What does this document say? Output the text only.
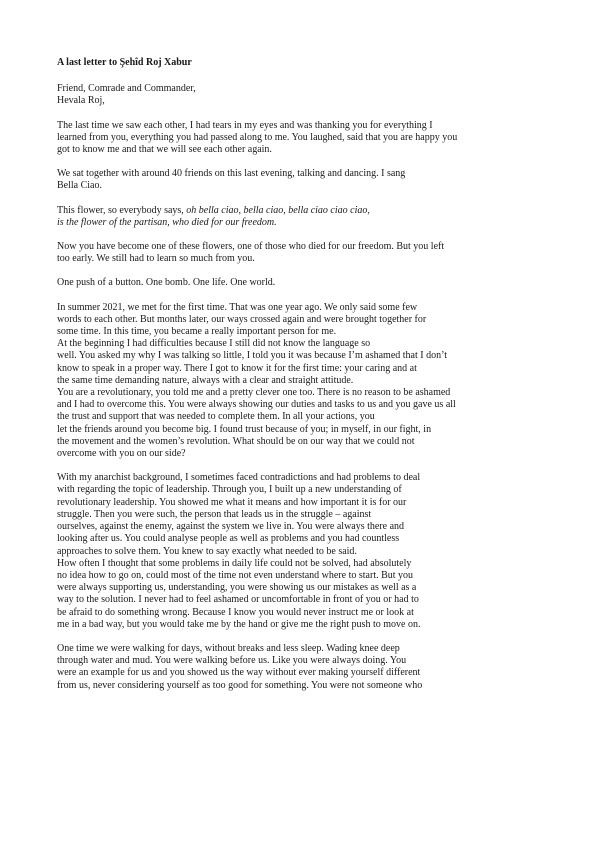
A last letter to Şehîd Roj Xabur
Friend, Comrade and Commander,
Hevala Roj,
The last time we saw each other, I had tears in my eyes and was thanking you for everything I
learned from you, everything you had passed along to me. You laughed, said that you are happy you
got to know me and that we will see each other again.
We sat together with around 40 friends on this last evening, talking and dancing. I sang
Bella Ciao.
This flower, so everybody says, oh bella ciao, bella ciao, bella ciao ciao ciao,
is the flower of the partisan, who died for our freedom.
Now you have become one of these flowers, one of those who died for our freedom. But you left
too early. We still had to learn so much from you.
One push of a button. One bomb. One life. One world.
In summer 2021, we met for the first time. That was one year ago. We only said some few
words to each other. But months later, our ways crossed again and were brought together for
some time. In this time, you became a really important person for me.
At the beginning I had difficulties because I still did not know the language so
well. You asked my why I was talking so little, I told you it was because I’m ashamed that I don’t
know to speak in a proper way. There I got to know it for the first time: your caring and at
the same time demanding nature, always with a clear and straight attitude.
You are a revolutionary, you told me and a pretty clever one too. There is no reason to be ashamed
and I had to overcome this. You were always showing our duties and tasks to us and you gave us all
the trust and support that was needed to complete them. In all your actions, you
let the friends around you become big. I found trust because of you; in myself, in our fight, in
the movement and the women’s revolution. What should be on our way that we could not
overcome with you on our side?
With my anarchist background, I sometimes faced contradictions and had problems to deal
with regarding the topic of leadership. Through you, I built up a new understanding of
revolutionary leadership. You showed me what it means and how important it is for our
struggle. Then you were such, the person that leads us in the struggle – against
ourselves, against the enemy, against the system we live in. You were always there and
looking after us. You could analyse people as well as problems and you had countless
approaches to solve them. You knew to say exactly what needed to be said.
How often I thought that some problems in daily life could not be solved, had absolutely
no idea how to go on, could most of the time not even understand where to start. But you
were always supporting us, understanding, you were showing us our mistakes as well as a
way to the solution. I never had to feel ashamed or uncomfortable in front of you or had to
be afraid to do something wrong. Because I know you would never instruct me or look at
me in a bad way, but you would take me by the hand or give me the right push to move on.
One time we were walking for days, without breaks and less sleep. Wading knee deep
through water and mud. You were walking before us. Like you were always doing. You
were an example for us and you showed us the way without ever making yourself different
from us, never considering yourself as too good for something. You were not someone who
